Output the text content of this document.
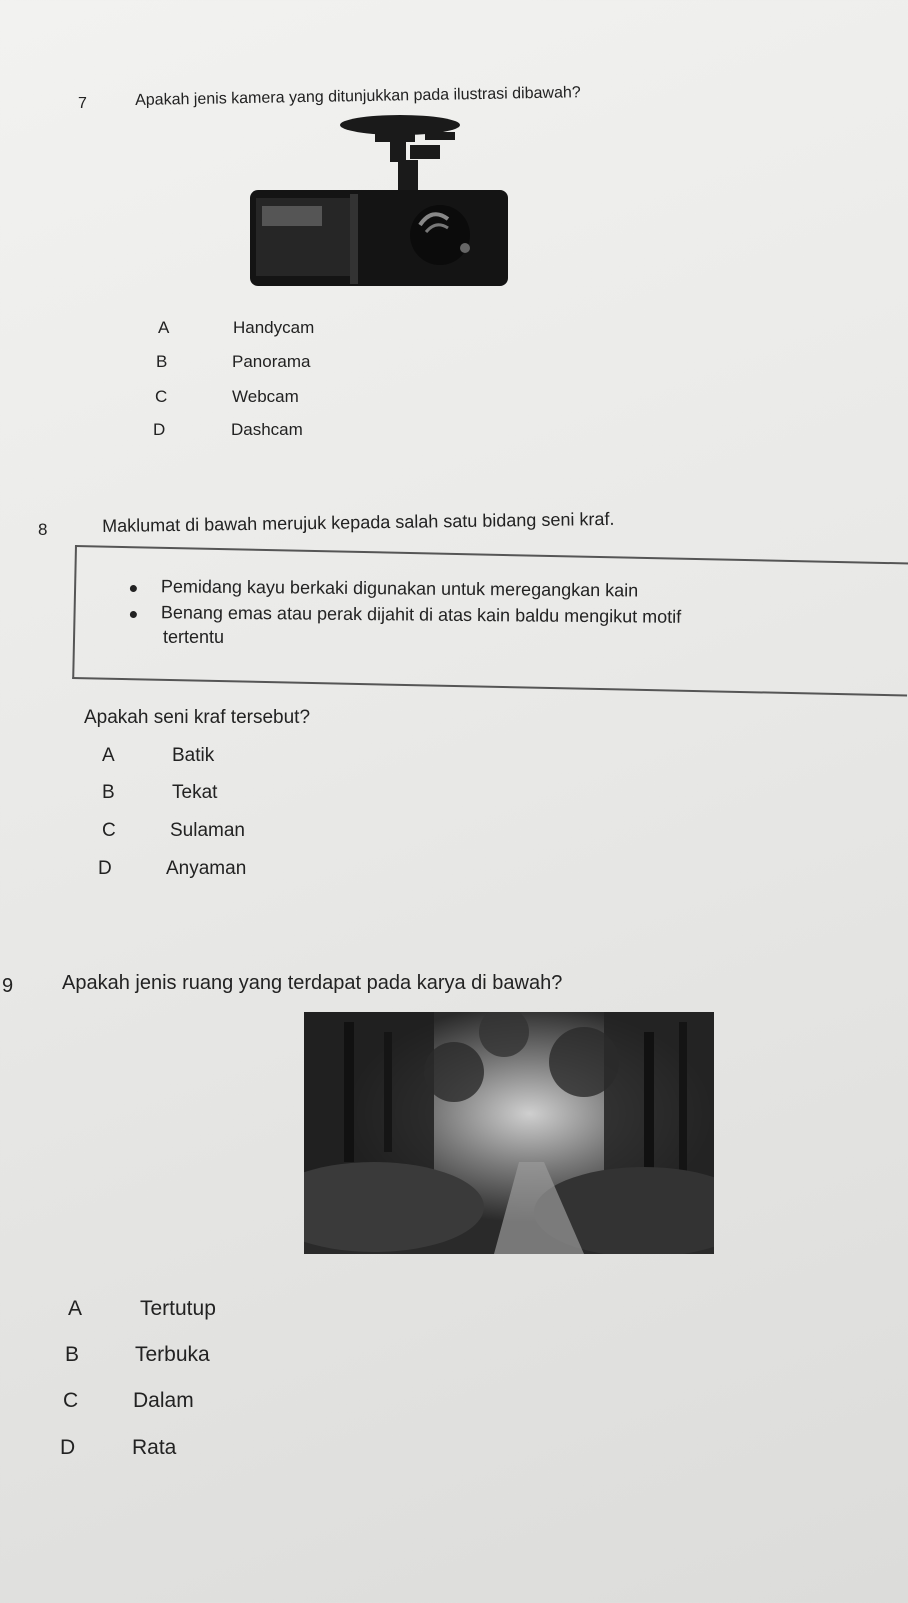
7	Apakah jenis kamera yang ditunjukkan pada ilustrasi dibawah?
A	Handycam
B	Panorama
C	Webcam
D	Dashcam
8	Maklumat di bawah merujuk kepada salah satu bidang seni kraf.
Pemidang kayu berkaki digunakan untuk meregangkan kain
Benang emas atau perak dijahit di atas kain baldu mengikut motif
tertentu
Apakah seni kraf tersebut?
A	Batik
B	Tekat
C	Sulaman
D	Anyaman
9 Apakah jenis ruang yang terdapat pada karya di bawah?
A	Tertutup
B	Terbuka
C	Dalam
D	Rata
